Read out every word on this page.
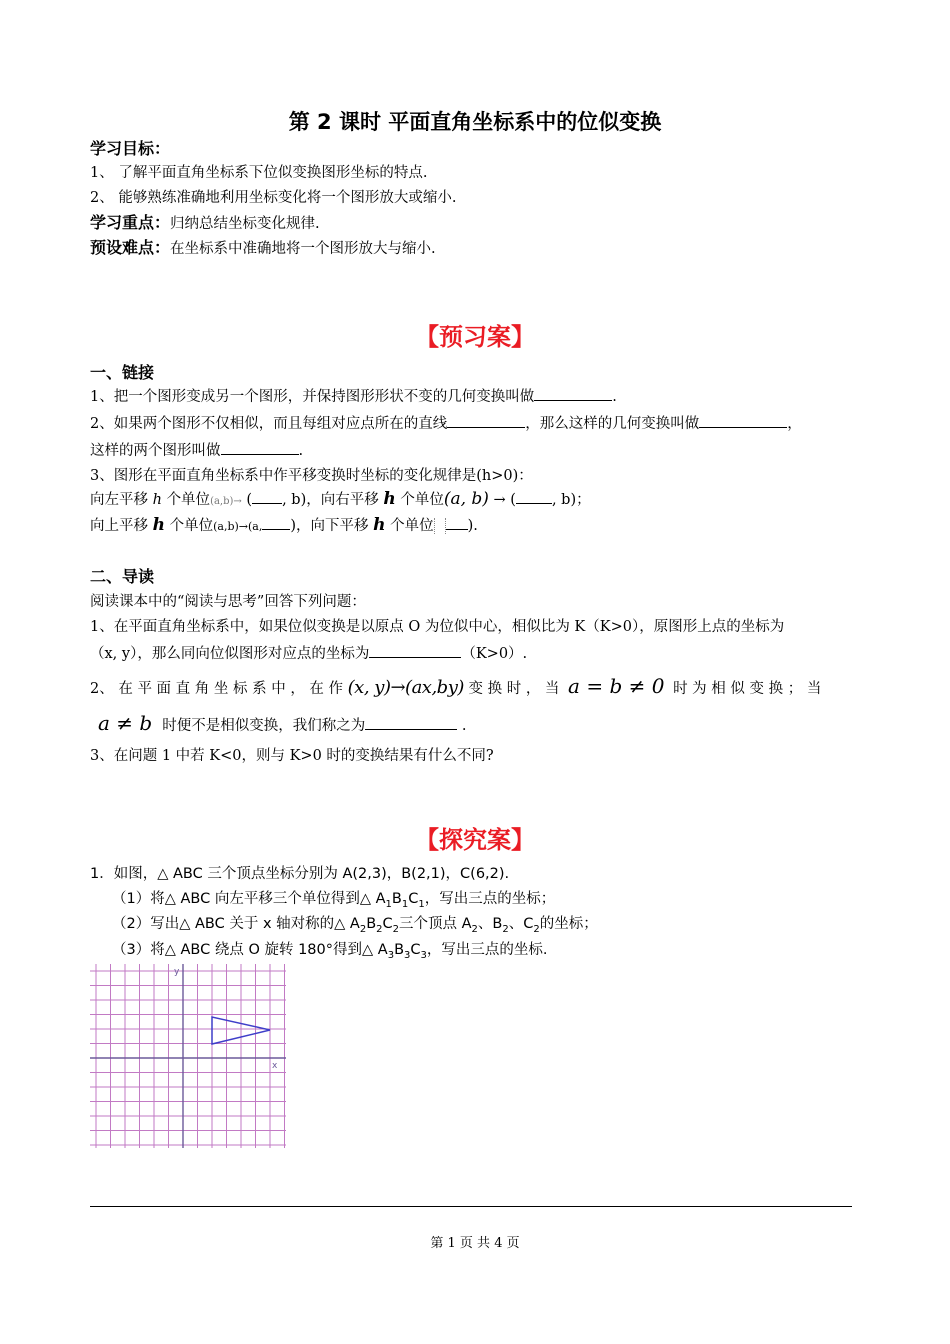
第 2 课时 平面直角坐标系中的位似变换
学习目标：
1、 了解平面直角坐标系下位似变换图形坐标的特点.
2、 能够熟练准确地利用坐标变化将一个图形放大或缩小.
学习重点：归纳总结坐标变化规律.
预设难点：在坐标系中准确地将一个图形放大与缩小.
【预习案】
一、链接
1、把一个图形变成另一个图形，并保持图形形状不变的几何变换叫做	.
2、如果两个图形不仅相似，而且每组对应点所在的直线	，那么这样的几何变换叫做	，
这样的两个图形叫做	.
3、图形在平面直角坐标系中作平移变换时坐标的变化规律是(h>0)：
向左平移 h 个单位(a,b)→ ( , b)，向右平移 h 个单位(a, b) → ( , b)；
向上平移 h 个单位(a,b)→(a, )，向下平移 h 个单位 ).
二、导读
阅读课本中的“阅读与思考”回答下列问题：
1、在平面直角坐标系中，如果位似变换是以原点 O 为位似中心，相似比为 K（K>0），原图形上点的坐标为
（x, y），那么同向位似图形对应点的坐标为	（K>0）.
2、 在 平 面 直 角 坐 标 系 中 ， 在 作 (x, y)→(ax,by) 变 换 时 ， 当 a = b ≠ 0 时 为 相 似 变 换 ； 当
a ≠ b 时便不是相似变换，我们称之为	.
3、在问题 1 中若 K<0，则与 K>0 时的变换结果有什么不同?
【探究案】
1．如图，△ ABC 三个顶点坐标分别为 A(2,3)，B(2,1)，C(6,2).
（1）将△ ABC 向左平移三个单位得到△ $A_1B_1C_1$，写出三点的坐标；
（2）写出△ ABC 关于 x 轴对称的△ $A_2B_2C_2$三个顶点 $A_2$、$B_2$、$C_2$的坐标；
（3）将△ ABC 绕点 O 旋转 180°得到△ $A_3B_3C_3$，写出三点的坐标.
y
x
第 1 页 共 4 页
